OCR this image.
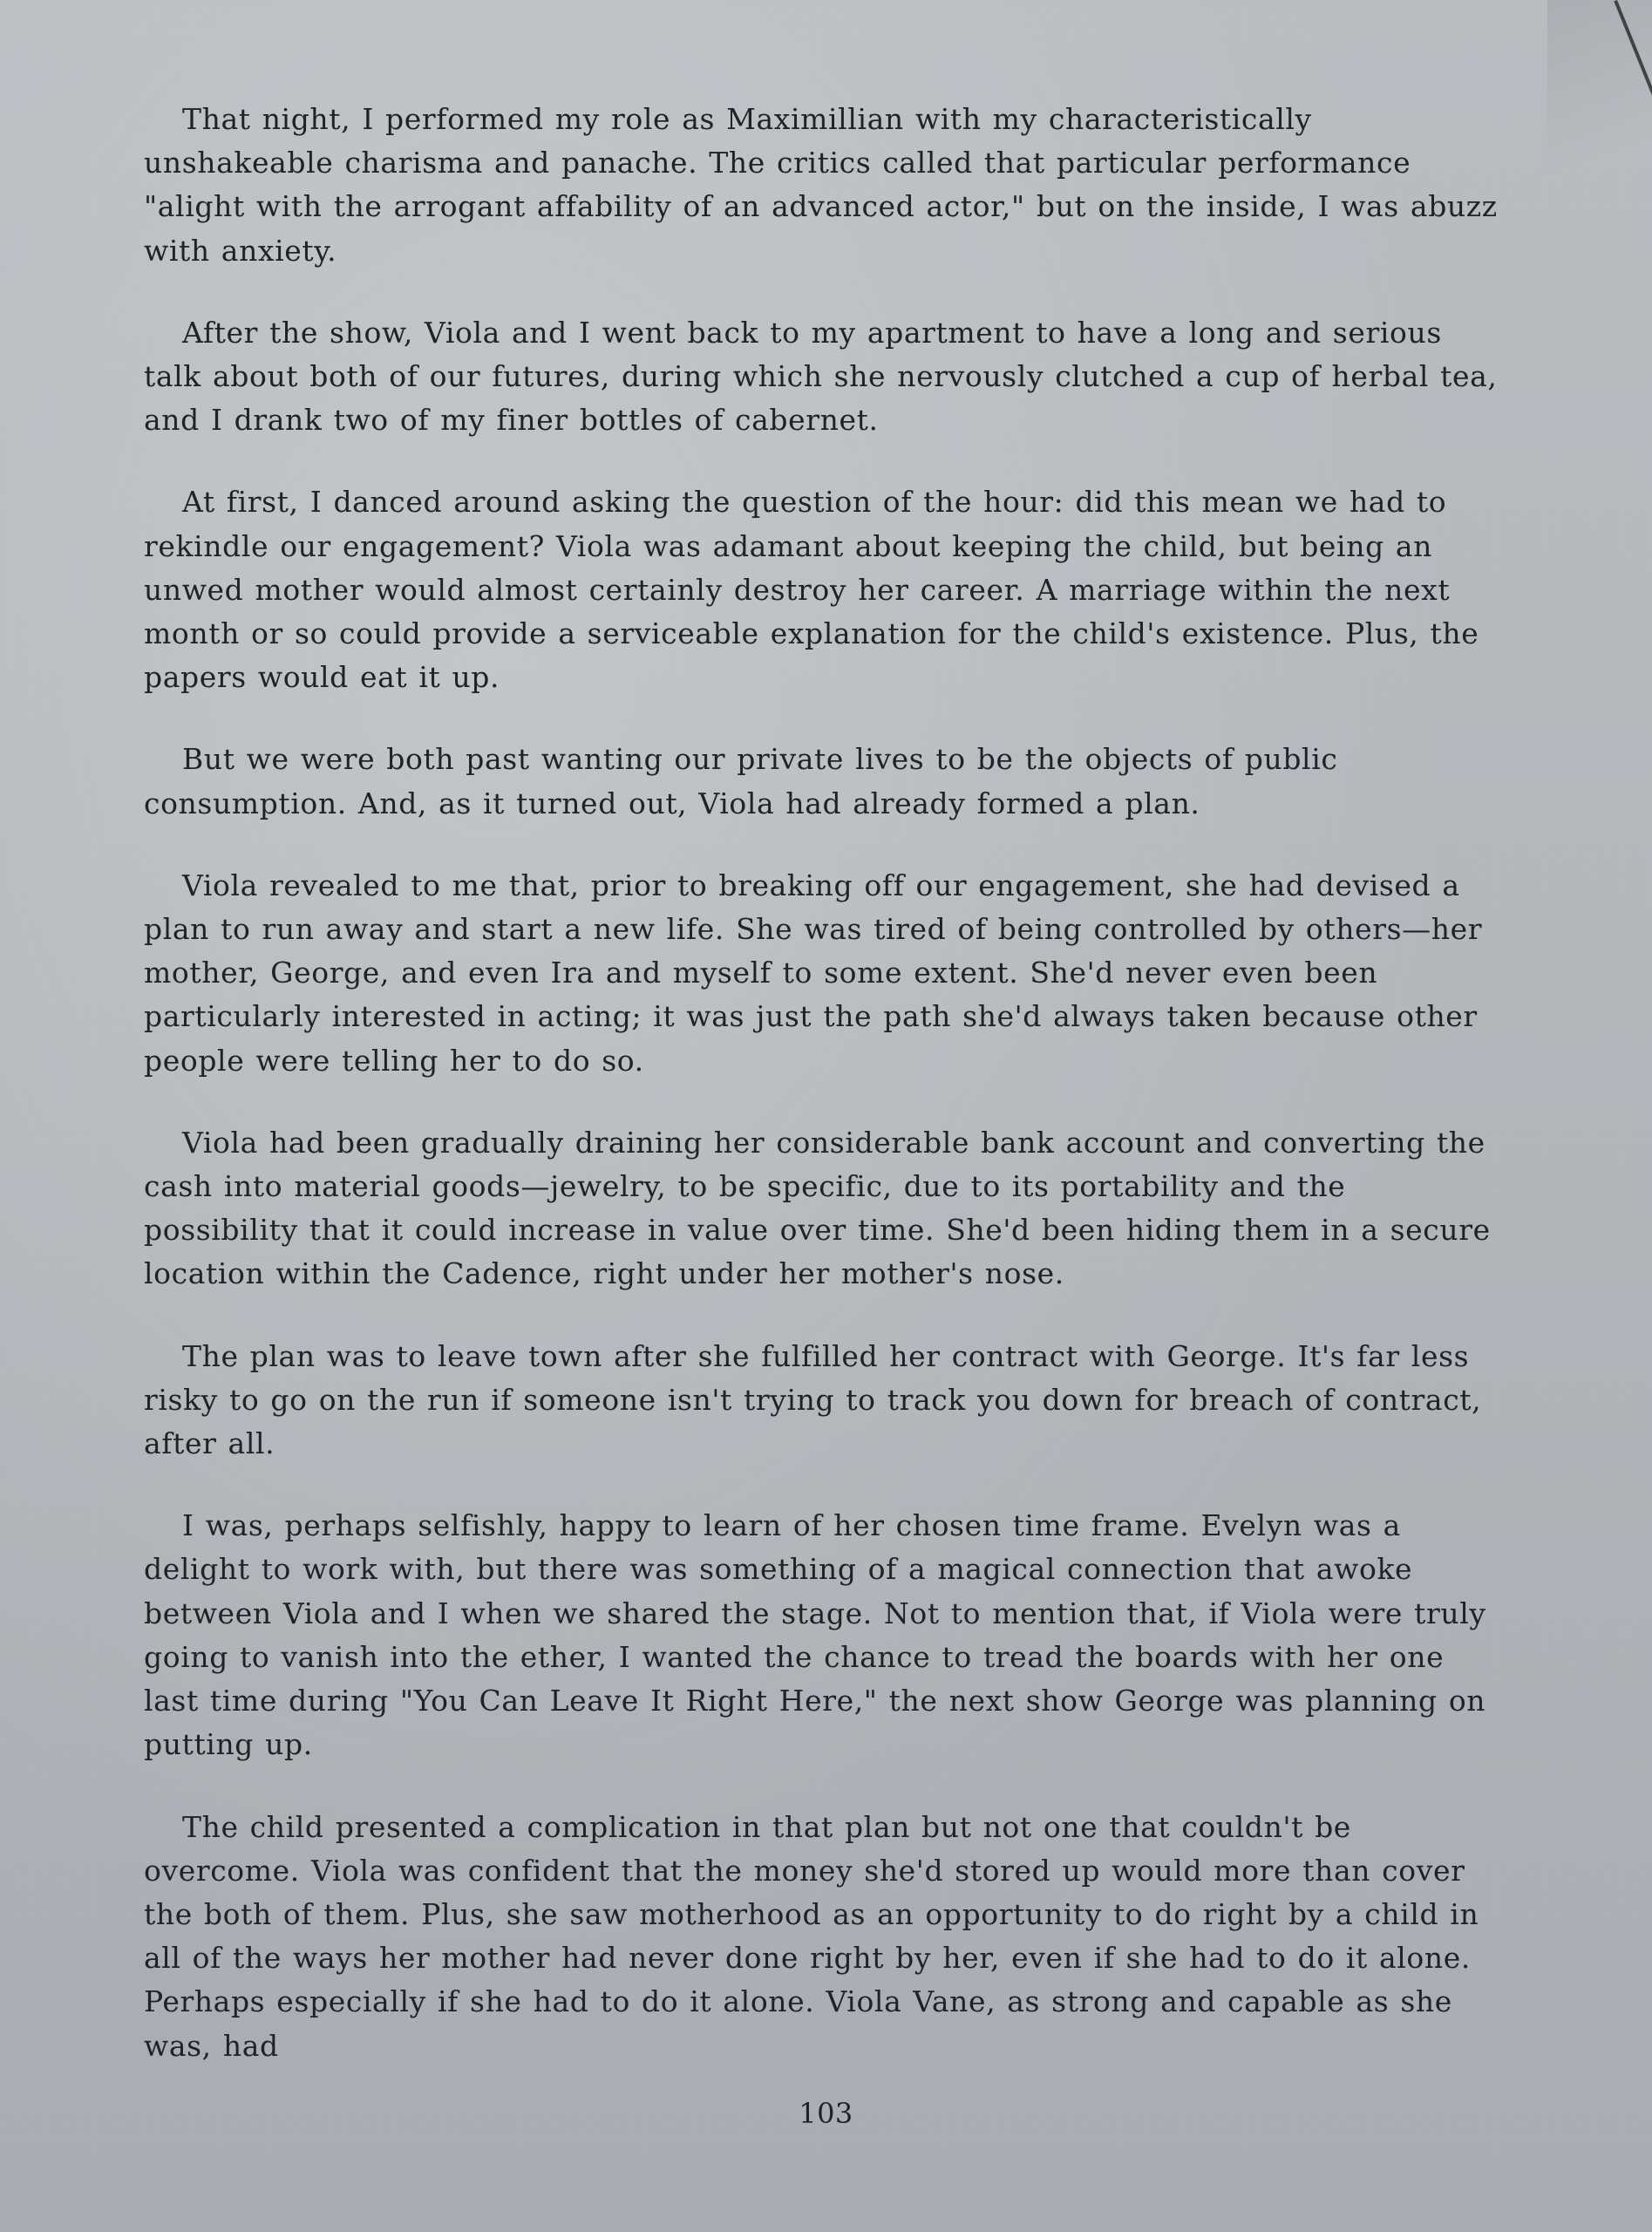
That night, I performed my role as Maximillian with my characteristically unshakeable charisma and panache. The critics called that particular performance "alight with the arrogant affability of an advanced actor," but on the inside, I was abuzz with anxiety.

After the show, Viola and I went back to my apartment to have a long and serious talk about both of our futures, during which she nervously clutched a cup of herbal tea, and I drank two of my finer bottles of cabernet.

At first, I danced around asking the question of the hour: did this mean we had to rekindle our engagement? Viola was adamant about keeping the child, but being an unwed mother would almost certainly destroy her career. A marriage within the next month or so could provide a serviceable explanation for the child's existence. Plus, the papers would eat it up.

But we were both past wanting our private lives to be the objects of public consumption. And, as it turned out, Viola had already formed a plan.

Viola revealed to me that, prior to breaking off our engagement, she had devised a plan to run away and start a new life. She was tired of being controlled by others—her mother, George, and even Ira and myself to some extent. She'd never even been particularly interested in acting; it was just the path she'd always taken because other people were telling her to do so.

Viola had been gradually draining her considerable bank account and converting the cash into material goods—jewelry, to be specific, due to its portability and the possibility that it could increase in value over time. She'd been hiding them in a secure location within the Cadence, right under her mother's nose.

The plan was to leave town after she fulfilled her contract with George. It's far less risky to go on the run if someone isn't trying to track you down for breach of contract, after all.

I was, perhaps selfishly, happy to learn of her chosen time frame. Evelyn was a delight to work with, but there was something of a magical connection that awoke between Viola and I when we shared the stage. Not to mention that, if Viola were truly going to vanish into the ether, I wanted the chance to tread the boards with her one last time during "You Can Leave It Right Here," the next show George was planning on putting up.

The child presented a complication in that plan but not one that couldn't be overcome. Viola was confident that the money she'd stored up would more than cover the both of them. Plus, she saw motherhood as an opportunity to do right by a child in all of the ways her mother had never done right by her, even if she had to do it alone. Perhaps especially if she had to do it alone. Viola Vane, as strong and capable as she was, had

103
